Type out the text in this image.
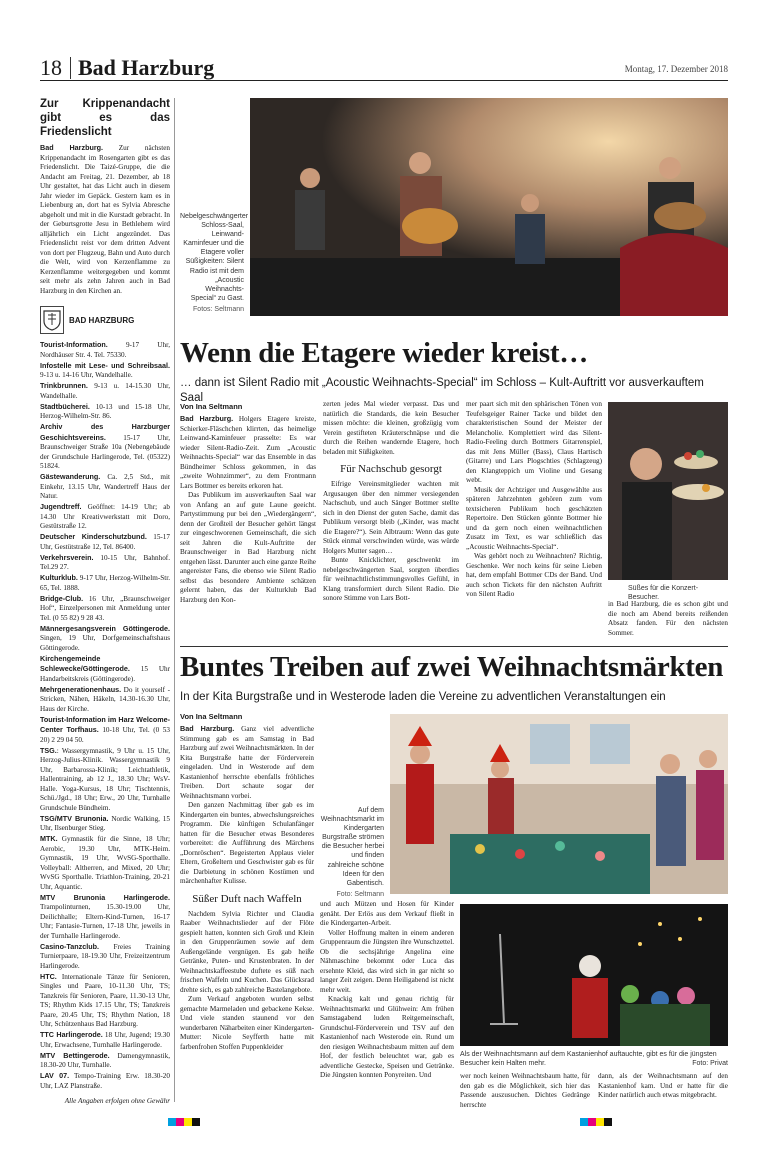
18 Bad Harzburg	Montag, 17. Dezember 2018
Zur Krippenandacht gibt es das Friedenslicht
Bad Harzburg. Zur nächsten Krippenandacht im Rosengarten gibt es das Friedenslicht. Die Taizé-Gruppe, die die Andacht am Freitag, 21. Dezember, ab 18 Uhr gestaltet, hat das Licht auch in diesem Jahr wieder im Gepäck. Gestern kam es in Liebenburg an, dort hat es Sylvia Abresche abgeholt und mit in die Kurstadt gebracht. In der Geburtsgrotte Jesu in Bethlehem wird alljährlich ein Licht angezündet. Das Friedenslicht reist vor dem dritten Advent von dort per Flugzeug, Bahn und Auto durch die Welt, wird von Kerzenflamme zu Kerzenflamme weitergegeben und kommt seit mehr als zehn Jahren auch in Bad Harzburg in den Kirchen an.
BAD HARZBURG
Tourist-Information. 9-17 Uhr, Nordhäuser Str. 4. Tel. 75330.
Infostelle mit Lese- und Schreibsaal. 9-13 u. 14-16 Uhr, Wandelhalle.
Trinkbrunnen. 9-13 u. 14-15.30 Uhr, Wandelhalle.
Stadtbücherei. 10-13 und 15-18 Uhr, Herzog-Wilhelm-Str. 86.
Archiv des Harzburger Geschichtsvereins. 15-17 Uhr, Braunschweiger Straße 10a (Nebengebäude der Grundschule Harlingerode, Tel. (05322) 51824.
Gästewanderung. Ca. 2,5 Std., mit Einkehr, 13.15 Uhr, Wandertreff Haus der Natur.
Jugendtreff. Geöffnet: 14-19 Uhr; ab 14.30 Uhr Kreativwerkstatt mit Doro, Gestütstraße 12.
Deutscher Kinderschutzbund. 15-17 Uhr, Gestütstraße 12, Tel. 86400.
Verkehrsverein. 10-15 Uhr, Bahnhof. Tel.29 27.
Kulturklub. 9-17 Uhr, Herzog-Wilhelm-Str. 65, Tel. 1888.
Bridge-Club. 16 Uhr, „Braunschweiger Hof“, Einzelpersonen mit Anmeldung unter Tel. (0 55 82) 9 28 43.
Männergesangsverein Göttingerode. Singen, 19 Uhr, Dorfgemeinschaftshaus Göttingerode.
Kirchengemeinde Schlewecke/Göttingerode. 15 Uhr Handarbeitskreis (Göttingerode).
Mehrgenerationenhaus. Do it yourself - Stricken, Nähen, Häkeln, 14.30-16.30 Uhr, Haus der Kirche.
Tourist-Information im Harz Welcome-Center Torfhaus. 10-18 Uhr, Tel. (0 53 20) 2 29 04 50.
TSG.: Wassergymnastik, 9 Uhr u. 15 Uhr, Herzog-Julius-Klinik. Wassergymnastik 9 Uhr, Barbarossa-Klinik; Leichtathletik, Hallentraining, ab 12 J., 18.30 Uhr; WsV-Halle. Yoga-Kursus, 18 Uhr; Tischtennis, Schü./Jgd., 18 Uhr; Erw., 20 Uhr, Turnhalle Grundschule Bündheim.
TSG/MTV Brunonia. Nordic Walking, 15 Uhr, Ilsenburger Stieg.
MTK. Gymnastik für die Sinne, 18 Uhr; Aerobic, 19.30 Uhr, MTK-Heim. Gymnastik, 19 Uhr, WvSG-Sporthalle. Volleyball: Altherren, and Mixed, 20 Uhr; WvSG Sporthalle. Triathlon-Training, 20-21 Uhr, Aquantic.
MTV Brunonia Harlingerode. Trampolinturnen, 15.30-19.00 Uhr, Deilichhalle; Eltern-Kind-Turnen, 16-17 Uhr; Fantasie-Turnen, 17-18 Uhr, jeweils in der Turnhalle Harlingerode.
Casino-Tanzclub. Freies Training Turnierpaare, 18-19.30 Uhr, Freizeitzentrum Harlingerode.
HTC. Internationale Tänze für Senioren, Singles und Paare, 10-11.30 Uhr, TS; Tanzkreis für Senioren, Paare, 11.30-13 Uhr, TS; Rhythm Kids 17.15 Uhr, TS; Tanzkreis Paare, 20.45 Uhr, TS; Rhythm Nation, 18 Uhr, Schützenhaus Bad Harzburg.
TTC Harlingerode. 18 Uhr, Jugend; 19.30 Uhr, Erwachsene, Turnhalle Harlingerode.
MTV Bettingerode. Damengymnastik, 18.30-20 Uhr, Turnhalle.
LAV 07. Tempo-Training Erw. 18.30-20 Uhr, LAZ Planstraße.
Alle Angaben erfolgen ohne Gewähr
Nebelgeschwängerter Schloss-Saal, Leinwand-Kaminfeuer und die Etagere voller Süßigkeiten: Silent Radio ist mit dem „Acoustic Weihnachts-Special“ zu Gast.
Fotos: Seltmann
Wenn die Etagere wieder kreist…
… dann ist Silent Radio mit „Acoustic Weihnachts-Special“ im Schloss – Kult-Auftritt vor ausverkauftem Saal
Von Ina Seltmann

Bad Harzburg. Holgers Etagere kreiste, Schierker-Fläschchen klirrten, das heimelige Leinwand-Kaminfeuer prasselte: Es war wieder Silent-Radio-Zeit. Zum „Acoustic Weihnachts-Special“ war das Ensemble in das Bündheimer Schloss gekommen, in das „zweite Wohnzimmer“, zu dem Frontmann Lars Bottmer es bereits erkoren hat.

Das Publikum im ausverkauften Saal war von Anfang an auf gute Laune geeicht. Partystimmung pur bei den „Wiedergängern“, denn der Großteil der Besucher gehört längst zur eingeschworenen Gemeinschaft, die sich seit Jahren die Kult-Auftritte der Braunschweiger in Bad Harzburg nicht entgehen lässt. Darunter auch eine ganze Reihe angereister Fans, die ebenso wie Silent Radio selbst das besondere Ambiente schätzen gelernt haben, das der Kulturklub Bad Harzburg den Kon-

zerten jedes Mal wieder verpasst. Das und natürlich die Standards, die kein Besucher missen möchte: die kleinen, großzügig vom Verein gestifteten Kräuterschnäpse und die durch die Reihen wandernde Etagere, hoch beladen mit Süßigkeiten.

Für Nachschub gesorgt

Eifrige Vereinsmitglieder wachten mit Argusaugen über den nimmer versiegenden Nachschub, und auch Sänger Bottmer stellte sich in den Dienst der guten Sache, damit das Publikum versorgt bleib („Kinder, was macht die Etagere?“). Sein Albtraum: Wenn das gute Stück einmal verschwinden würde, was würde Holgers Mutter sagen…

Bunte Knicklichter, geschwenkt im nebelgeschwängerten Saal, sorgten überdies für weihnachtlichstimmungsvolles Gefühl, in Klang transformiert durch Silent Radio. Die sonore Stimme von Lars Bott-

mer paart sich mit den sphärischen Tönen von Teufelsgeiger Rainer Tacke und bildet den charakteristischen Sound der Meister der Melancholie. Komplettiert wird das Silent-Radio-Feeling durch Bottmers Gitarrenspiel, das mit Jens Müller (Bass), Claus Hartisch (Gitarre) und Lars Plogschties (Schlagzeug) den Klangteppich um Violine und Gesang webt.

Musik der Achtziger und Ausgewählte aus späteren Jahrzehnten gehören zum vom textsicheren Publikum hoch geschätzten Repertoire. Den Stücken gönnte Bottmer hie und da gern noch einen weihnachtlichen Zusatz im Text, es war schließlich das „Acoustic Weihnachts-Special“.

Was gehört noch zu Weihnachten? Richtig, Geschenke. Wer noch keins für seine Lieben hat, dem empfahl Bottmer CDs der Band. Und auch schon Tickets für den nächsten Auftritt von Silent Radio

Süßes für die Konzert-Besucher.

in Bad Harzburg, die es schon gibt und die noch am Abend bereits reißenden Absatz fanden. Für den nächsten Sommer.

Buntes Treiben auf zwei Weihnachtsmärkten
In der Kita Burgstraße und in Westerode laden die Vereine zu adventlichen Veranstaltungen ein
Von Ina Seltmann

Bad Harzburg. Ganz viel adventliche Stimmung gab es am Samstag in Bad Harzburg auf zwei Weihnachtsmärkten. In der Kita Burgstraße hatte der Förderverein eingeladen. Und in Westerode auf dem Kastanienhof herrschte ebenfalls fröhliches Treiben. Dort schaute sogar der Weihnachtsmann vorbei.

Den ganzen Nachmittag über gab es im Kindergarten ein buntes, abwechslungsreiches Programm. Die künftigen Schulanfänger hatten für die Besucher etwas Besonderes vorbereitet: die Aufführung des Märchens „Dornröschen“. Begeisterten Applaus vieler Eltern, Großeltern und Geschwister gab es für die Darbietung in schönen Kostümen und märchenhafter Kulisse.

Süßer Duft nach Waffeln

Nachdem Sylvia Richter und Claudia Raaber Weihnachtslieder auf der Flöte gespielt hatten, konnten sich Groß und Klein in den Gruppenräumen sowie auf dem Außengelände vergnügen. Es gab heiße Getränke, Puten- und Krustenbraten. In der Weihnachtskaffeestube duftete es süß nach frischen Waffeln und Kuchen. Das Glücksrad drehte sich, es gab zahlreiche Bastelangebote.

Zum Verkauf angeboten wurden selbst gemachte Marmeladen und gebackene Kekse. Und viele standen staunend vor den wunderbaren Näharbeiten einer Kindergarten-Mutter: Nicole Seyfferth hatte mit farbenfrohen Stoffen Puppenkleider

Auf dem Weihnachtsmarkt im Kindergarten Burgstraße strömen die Besucher herbei und finden zahlreiche schöne Ideen für den Gabentisch.
Foto: Seltmann

und auch Mützen und Hosen für Kinder genäht. Der Erlös aus dem Verkauf fließt in die Kindergarten-Arbeit.

Voller Hoffnung malten in einem anderen Gruppenraum die Jüngsten ihre Wunschzettel. Ob die sechsjährige Angelina eine Nähmaschine bekommt oder Luca das ersehnte Kleid, das wird sich in gar nicht so langer Zeit zeigen. Denn Heiligabend ist nicht mehr weit.

Knackig kalt und genau richtig für Weihnachtsmarkt und Glühwein: Am frühen Samstagabend luden Reitgemeinschaft, Grundschul-Förderverein und TSV auf den Kastanienhof nach Westerode ein. Rund um den riesigen Weihnachtsbaum mitten auf dem Hof, der festlich beleuchtet war, gab es adventliche Gestecke, Speisen und Getränke. Die Jüngsten konnten Ponyreiten. Und

Als der Weihnachtsmann auf dem Kastanienhof auftauchte, gibt es für die jüngsten Besucher kein Halten mehr.	Foto: Privat

wer noch keinen Weihnachtsbaum hatte, für den gab es die Möglichkeit, sich hier das Passende auszusuchen. Dichtes Gedränge herrschte

dann, als der Weihnachtsmann auf den Kastanienhof kam. Und er hatte für die Kinder natürlich auch etwas mitgebracht.
